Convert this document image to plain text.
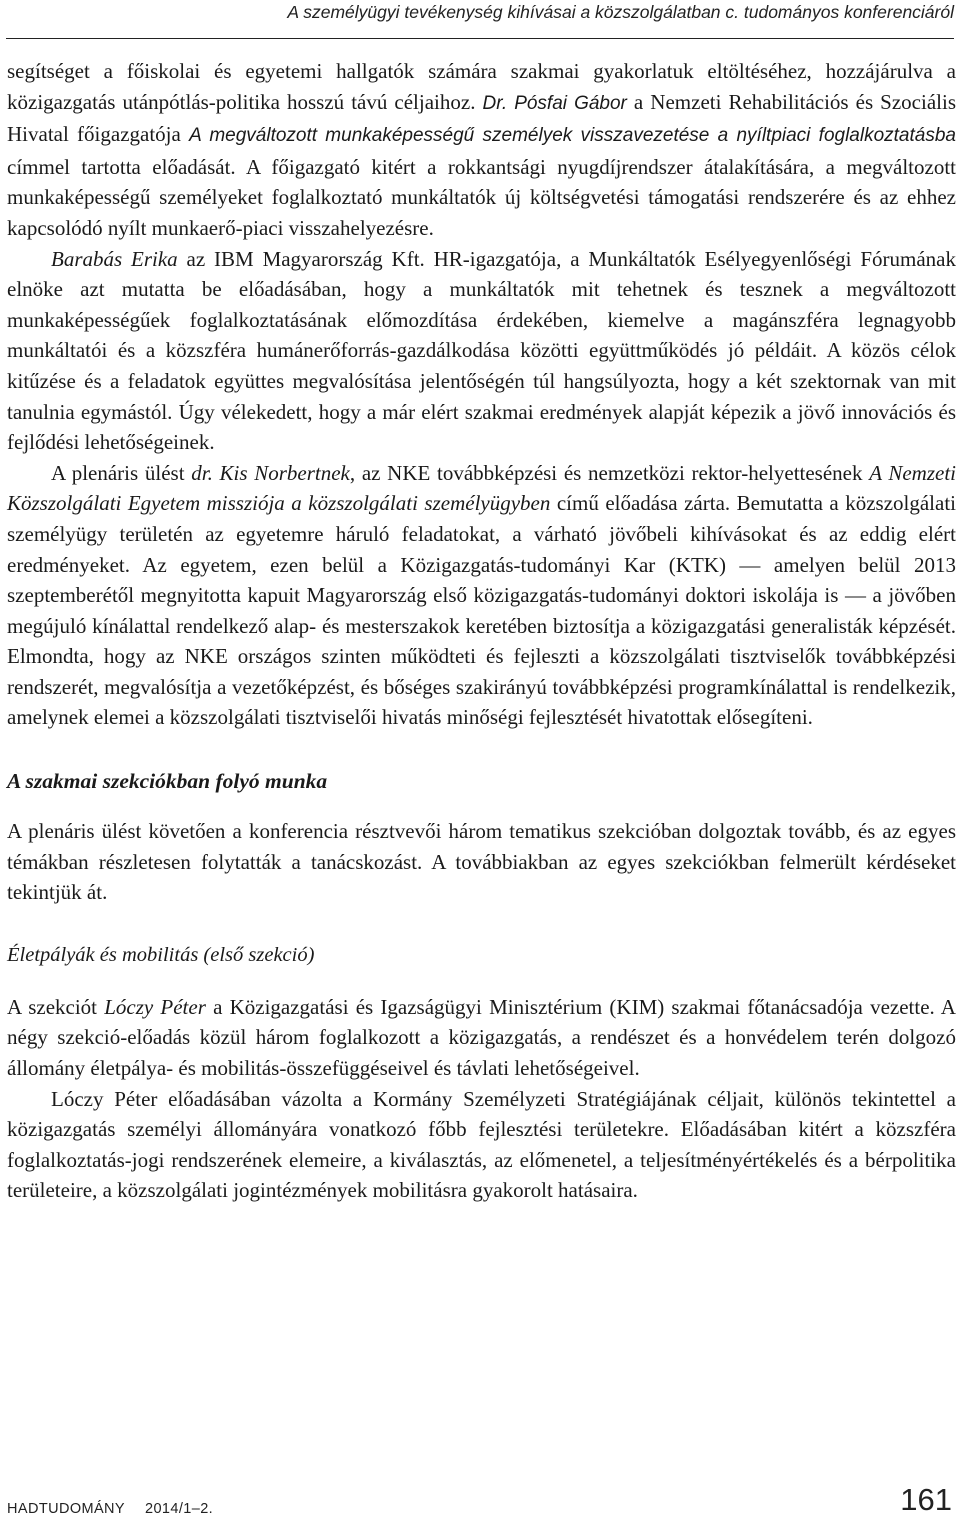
A személyügyi tevékenység kihívásai a közszolgálatban c. tudományos konferenciáról

segítséget a főiskolai és egyetemi hallgatók számára szakmai gyakorlatuk eltöltéséhez, hozzájárulva a közigazgatás utánpótlás-politika hosszú távú céljaihoz. Dr. Pósfai Gábor a Nemzeti Rehabilitációs és Szociális Hivatal főigazgatója A megváltozott munkaképességű személyek visszavezetése a nyíltpiaci foglalkoztatásba címmel tartotta előadását. A főigazgató kitért a rokkantsági nyugdíjrendszer átalakítására, a megváltozott munkaképességű személyeket foglalkoztató munkáltatók új költségvetési támogatási rendszerére és az ehhez kapcsolódó nyílt munkaerő-piaci visszahelyezésre.

Barabás Erika az IBM Magyarország Kft. HR-igazgatója, a Munkáltatók Esélyegyenlőségi Fórumának elnöke azt mutatta be előadásában, hogy a munkáltatók mit tehetnek és tesznek a megváltozott munkaképességűek foglalkoztatásának előmozdítása érdekében, kiemelve a magánszféra legnagyobb munkáltatói és a közszféra humánerőforrás-gazdálkodása közötti együttműködés jó példáit. A közös célok kitűzése és a feladatok együttes megvalósítása jelentőségén túl hangsúlyozta, hogy a két szektornak van mit tanulnia egymástól. Úgy vélekedett, hogy a már elért szakmai eredmények alapját képezik a jövő innovációs és fejlődési lehetőségeinek.

A plenáris ülést dr. Kis Norbertnek, az NKE továbbképzési és nemzetközi rektor-helyettesének A Nemzeti Közszolgálati Egyetem missziója a közszolgálati személyügyben című előadása zárta. Bemutatta a közszolgálati személyügy területén az egyetemre háruló feladatokat, a várható jövőbeli kihívásokat és az eddig elért eredményeket. Az egyetem, ezen belül a Közigazgatás-tudományi Kar (KTK) — amelyen belül 2013 szeptemberétől megnyitotta kapuit Magyarország első közigazgatás-tudományi doktori iskolája is — a jövőben megújuló kínálattal rendelkező alap- és mesterszakok keretében biztosítja a közigazgatási generalisták képzését. Elmondta, hogy az NKE országos szinten működteti és fejleszti a közszolgálati tisztviselők továbbképzési rendszerét, megvalósítja a vezetőképzést, és bőséges szakirányú továbbképzési programkínálattal is rendelkezik, amelynek elemei a közszolgálati tisztviselői hivatás minőségi fejlesztését hivatottak elősegíteni.

A szakmai szekciókban folyó munka

A plenáris ülést követően a konferencia résztvevői három tematikus szekcióban dolgoztak tovább, és az egyes témákban részletesen folytatták a tanácskozást. A továbbiakban az egyes szekciókban felmerült kérdéseket tekintjük át.

Életpályák és mobilitás (első szekció)

A szekciót Lóczy Péter a Közigazgatási és Igazságügyi Minisztérium (KIM) szakmai főtanácsadója vezette. A négy szekció-előadás közül három foglalkozott a közigazgatás, a rendészet és a honvédelem terén dolgozó állomány életpálya- és mobilitás-összefüggéseivel és távlati lehetőségeivel.

Lóczy Péter előadásában vázolta a Kormány Személyzeti Stratégiájának céljait, különös tekintettel a közigazgatás személyi állományára vonatkozó főbb fejlesztési területekre. Előadásában kitért a közszféra foglalkoztatás-jogi rendszerének elemeire, a kiválasztás, az előmenetel, a teljesítményértékelés és a bérpolitika területeire, a közszolgálati jogintézmények mobilitásra gyakorolt hatásaira.

HADTUDOMÁNY 2014/1–2.	161
